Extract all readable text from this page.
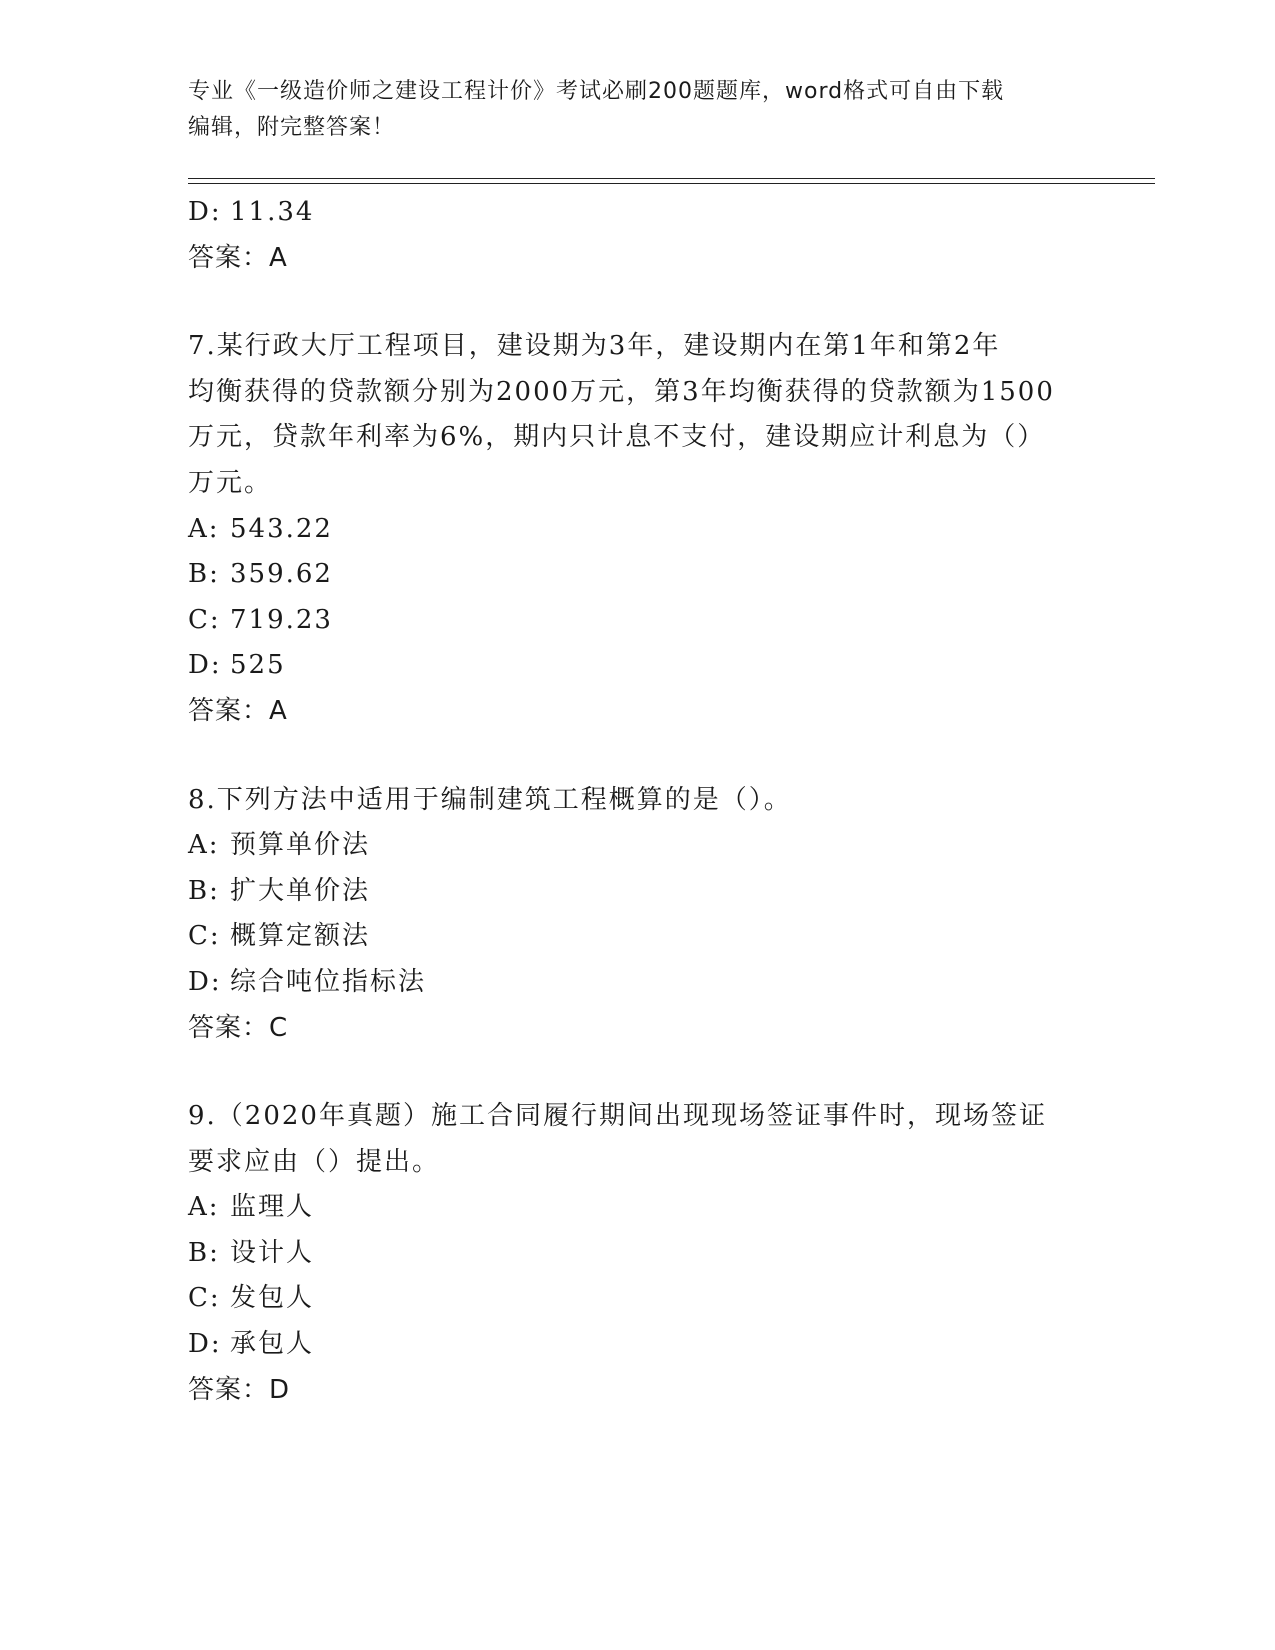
专业《一级造价师之建设工程计价》考试必刷200题题库，word格式可自由下载
编辑，附完整答案！
D: 11.34
答案：A
7.某行政大厅工程项目，建设期为3年，建设期内在第1年和第2年
均衡获得的贷款额分别为2000万元，第3年均衡获得的贷款额为1500
万元，贷款年利率为6%，期内只计息不支付，建设期应计利息为（）
万元。
A: 543.22
B: 359.62
C: 719.23
D: 525
答案：A
8.下列方法中适用于编制建筑工程概算的是（）。
A: 预算单价法
B: 扩大单价法
C: 概算定额法
D: 综合吨位指标法
答案：C
9.（2020年真题）施工合同履行期间出现现场签证事件时，现场签证
要求应由（）提出。
A: 监理人
B: 设计人
C: 发包人
D: 承包人
答案：D
